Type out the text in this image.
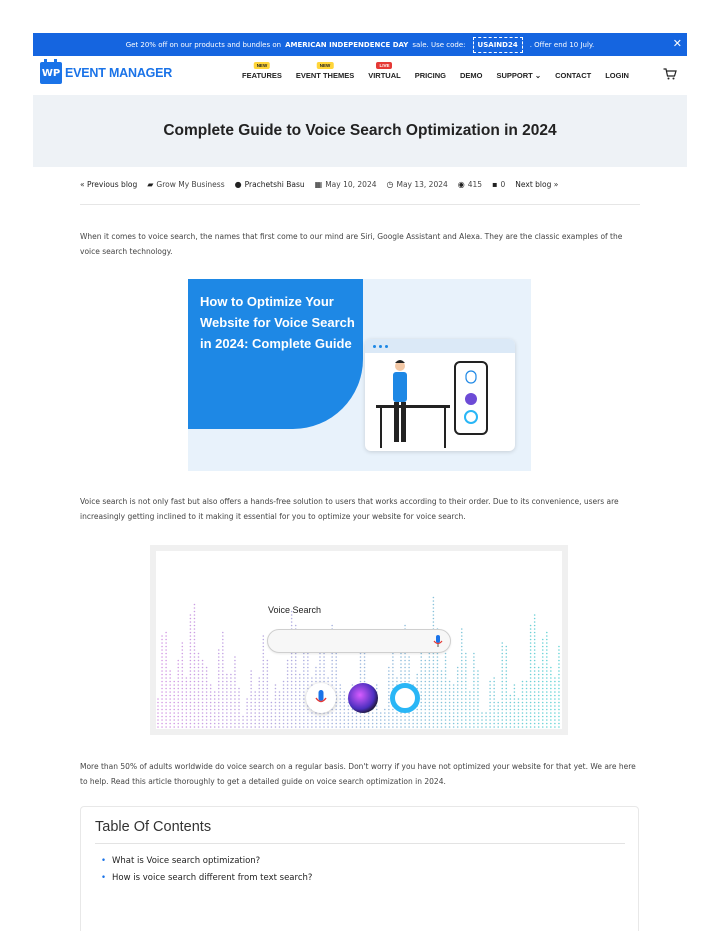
Get 20% off on our products and bundles on AMERICAN INDEPENDENCE DAY sale. Use code:	USAIND24	. Offer end 10 July.	✕
WP EVENT MANAGER
NEW
FEATURES
NEW
EVENT THEMES
LIVE
VIRTUAL PRICING DEMO SUPPORT ⌄ CONTACT LOGIN
Complete Guide to Voice Search Optimization in 2024
« Previous blog ▰ Grow My Business ● Prachetshi Basu ▦ May 10, 2024 ◷ May 13, 2024 ◉ 415 ▪ 0 Next blog »

When it comes to voice search, the names that first come to our mind are Siri, Google Assistant and Alexa. They are the classic examples of the voice search technology.

How to Optimize Your Website for Voice Search in 2024: Complete Guide

Voice search is not only fast but also offers a hands-free solution to users that works according to their order. Due to its convenience, users are increasingly getting inclined to it making it essential for you to optimize your website for voice search.

Voice Search

More than 50% of adults worldwide do voice search on a regular basis. Don't worry if you have not optimized your website for that yet. We are here to help. Read this article thoroughly to get a detailed guide on voice search optimization in 2024.

Table Of Contents
• What is Voice search optimization?
• How is voice search different from text search?
